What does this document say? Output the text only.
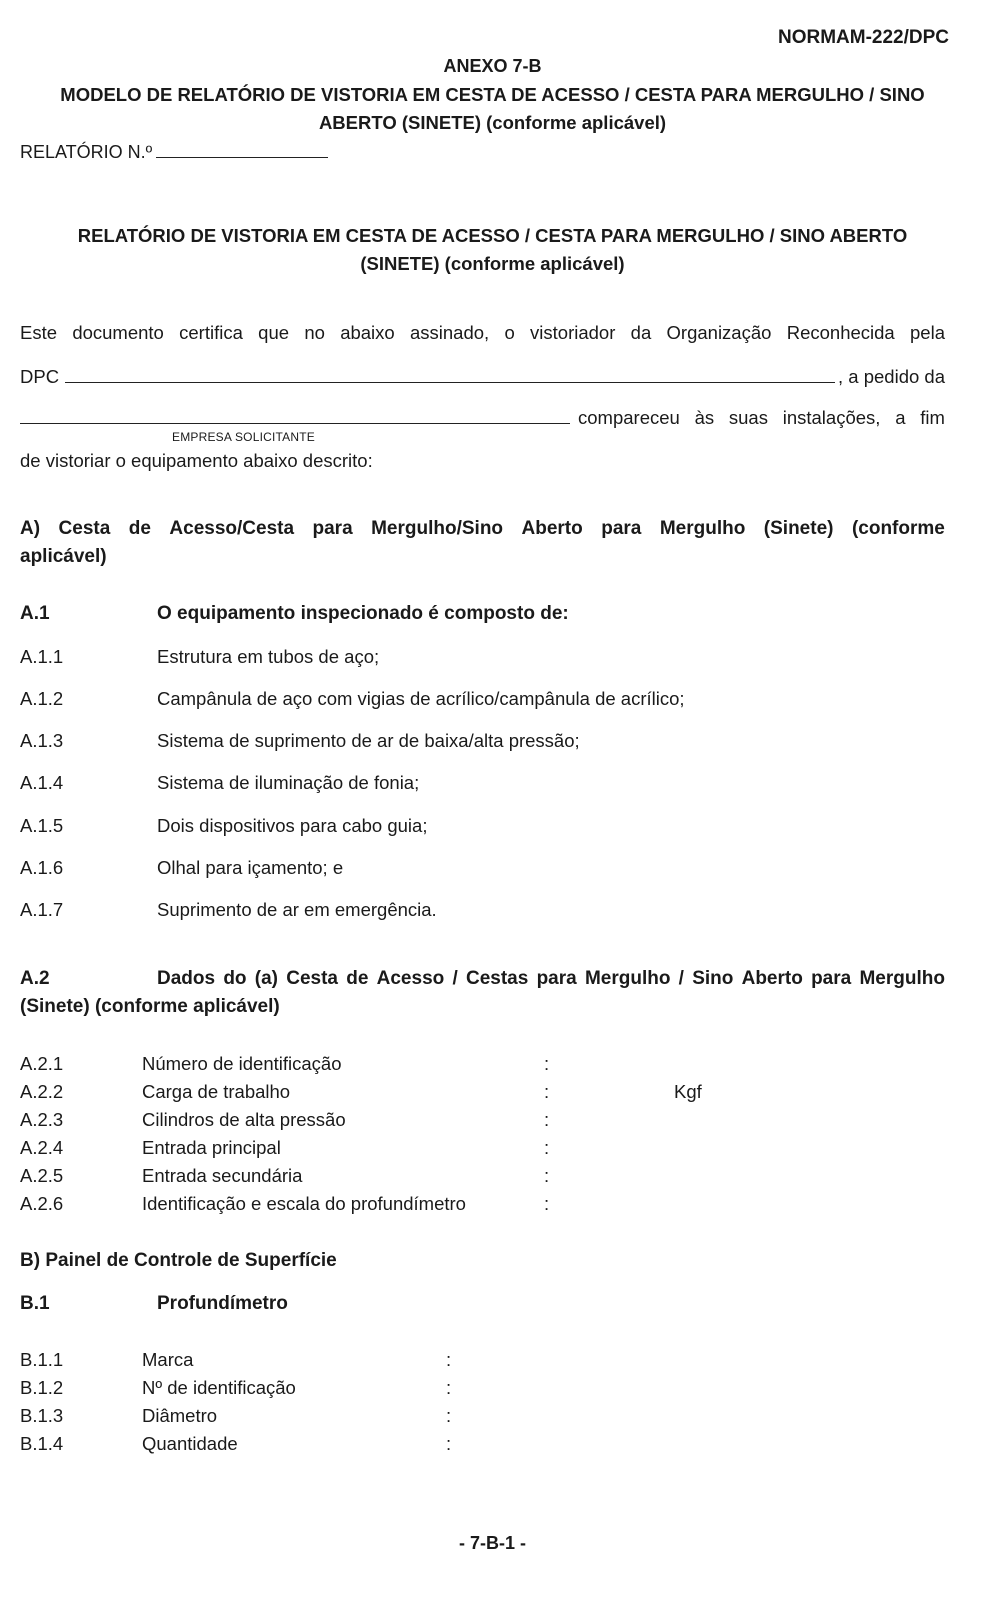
NORMAM-222/DPC
ANEXO 7-B
MODELO DE RELATÓRIO DE VISTORIA EM CESTA DE ACESSO / CESTA PARA MERGULHO / SINO
ABERTO (SINETE) (conforme aplicável)
RELATÓRIO N.º
RELATÓRIO DE VISTORIA EM CESTA DE ACESSO / CESTA PARA MERGULHO / SINO ABERTO
(SINETE) (conforme aplicável)
Este documento certifica que no abaixo assinado, o vistoriador da Organização Reconhecida pela
DPC	, a pedido da
compareceu às suas instalações, a fim
EMPRESA SOLICITANTE
de vistoriar o equipamento abaixo descrito:
A) Cesta de Acesso/Cesta para Mergulho/Sino Aberto para Mergulho (Sinete) (conforme
aplicável)
A.1	O equipamento inspecionado é composto de:
A.1.1	Estrutura em tubos de aço;
A.1.2	Campânula de aço com vigias de acrílico/campânula de acrílico;
A.1.3	Sistema de suprimento de ar de baixa/alta pressão;
A.1.4	Sistema de iluminação de fonia;
A.1.5	Dois dispositivos para cabo guia;
A.1.6	Olhal para içamento; e
A.1.7	Suprimento de ar em emergência.
A.2	Dados do (a) Cesta de Acesso / Cestas para Mergulho / Sino Aberto para Mergulho
(Sinete) (conforme aplicável)
A.2.1	Número de identificação	:
A.2.2	Carga de trabalho	:	Kgf
A.2.3	Cilindros de alta pressão	:
A.2.4	Entrada principal	:
A.2.5	Entrada secundária	:
A.2.6	Identificação e escala do profundímetro	:
B) Painel de Controle de Superfície
B.1	Profundímetro
B.1.1	Marca	:
B.1.2	Nº de identificação	:
B.1.3	Diâmetro	:
B.1.4	Quantidade	:
- 7-B-1 -
